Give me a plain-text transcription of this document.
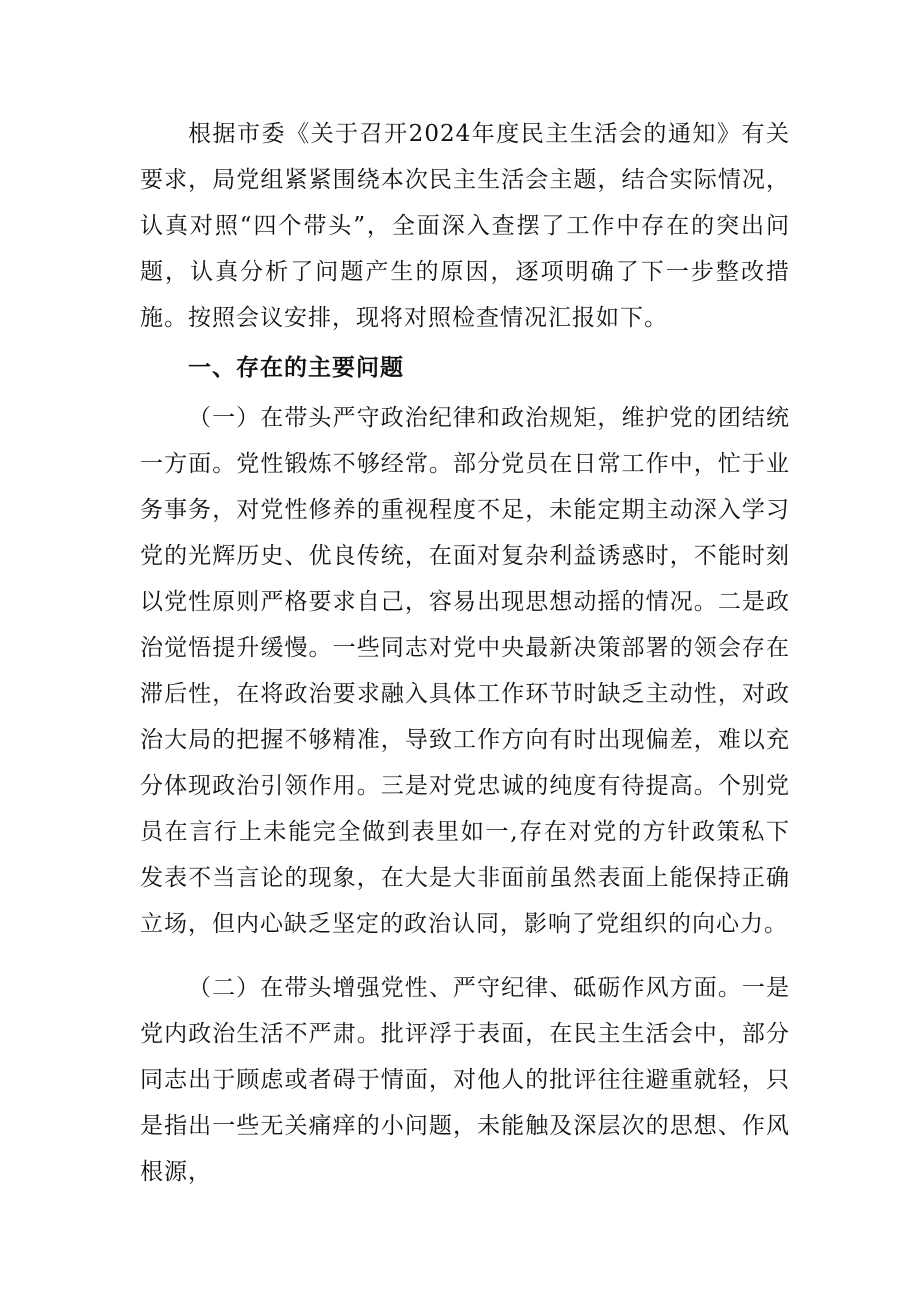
根据市委《关于召开2024年度民主生活会的通知》有关要求，局党组紧紧围绕本次民主生活会主题，结合实际情况，认真对照“四个带头”，全面深入查摆了工作中存在的突出问题，认真分析了问题产生的原因，逐项明确了下一步整改措施。按照会议安排，现将对照检查情况汇报如下。

一、存在的主要问题

（一）在带头严守政治纪律和政治规矩，维护党的团结统一方面。党性锻炼不够经常。部分党员在日常工作中，忙于业务事务，对党性修养的重视程度不足，未能定期主动深入学习党的光辉历史、优良传统，在面对复杂利益诱惑时，不能时刻以党性原则严格要求自己，容易出现思想动摇的情况。二是政治觉悟提升缓慢。一些同志对党中央最新决策部署的领会存在滞后性，在将政治要求融入具体工作环节时缺乏主动性，对政治大局的把握不够精准，导致工作方向有时出现偏差，难以充分体现政治引领作用。三是对党忠诚的纯度有待提高。个别党员在言行上未能完全做到表里如一,存在对党的方针政策私下发表不当言论的现象，在大是大非面前虽然表面上能保持正确立场，但内心缺乏坚定的政治认同，影响了党组织的向心力。

（二）在带头增强党性、严守纪律、砥砺作风方面。一是党内政治生活不严肃。批评浮于表面，在民主生活会中，部分同志出于顾虑或者碍于情面，对他人的批评往往避重就轻，只是指出一些无关痛痒的小问题，未能触及深层次的思想、作风根源，
